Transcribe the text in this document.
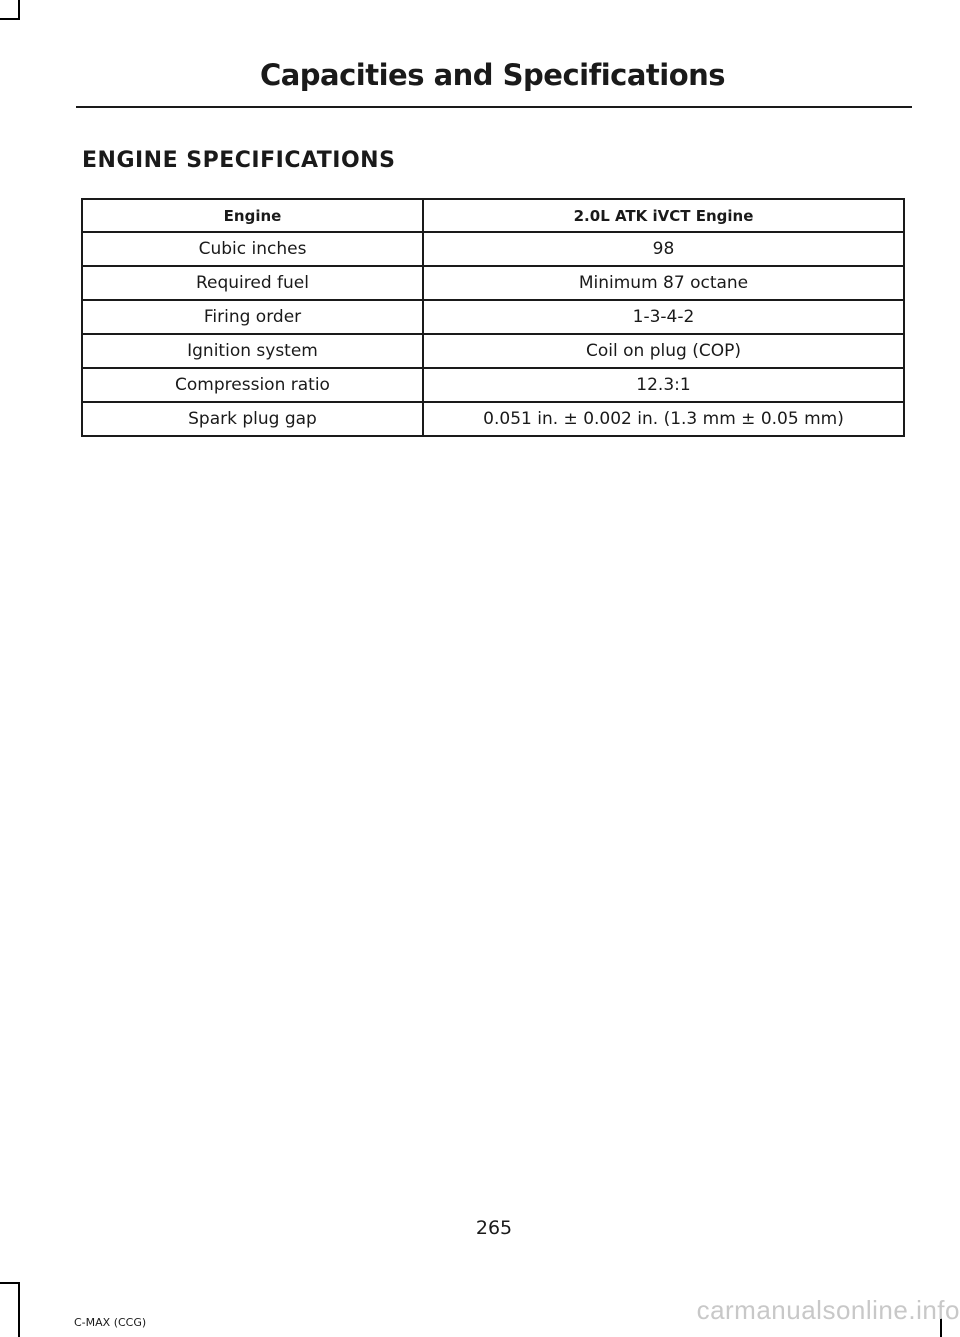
Capacities and Specifications
ENGINE SPECIFICATIONS
Engine	2.0L ATK iVCT Engine
Cubic inches	98
Required fuel	Minimum 87 octane
Firing order	1-3-4-2
Ignition system	Coil on plug (COP)
Compression ratio	12.3:1
Spark plug gap	0.051 in. ± 0.002 in. (1.3 mm ± 0.05 mm)
265
C-MAX (CCG)	carmanualsonline.info
